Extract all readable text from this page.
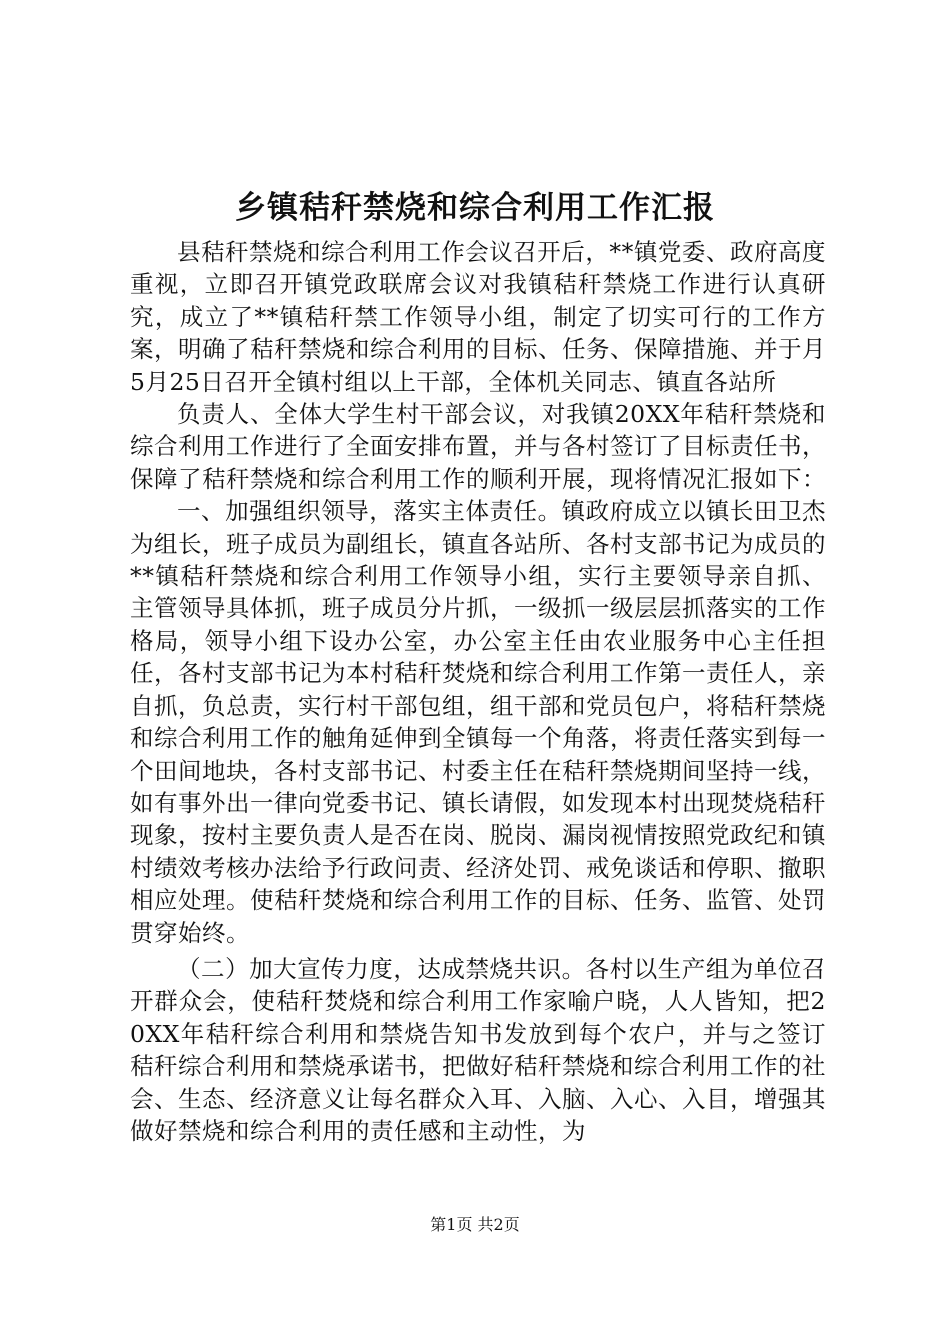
乡镇秸秆禁烧和综合利用工作汇报

县秸秆禁烧和综合利用工作会议召开后，**镇党委、政府高度重视，立即召开镇党政联席会议对我镇秸秆禁烧工作进行认真研究，成立了**镇秸秆禁工作领导小组，制定了切实可行的工作方案，明确了秸秆禁烧和综合利用的目标、任务、保障措施、并于月5月25日召开全镇村组以上干部，全体机关同志、镇直各站所

负责人、全体大学生村干部会议，对我镇20XX年秸秆禁烧和综合利用工作进行了全面安排布置，并与各村签订了目标责任书，保障了秸秆禁烧和综合利用工作的顺利开展，现将情况汇报如下：

一、加强组织领导，落实主体责任。镇政府成立以镇长田卫杰为组长，班子成员为副组长，镇直各站所、各村支部书记为成员的**镇秸秆禁烧和综合利用工作领导小组，实行主要领导亲自抓、主管领导具体抓，班子成员分片抓，一级抓一级层层抓落实的工作格局，领导小组下设办公室，办公室主任由农业服务中心主任担任，各村支部书记为本村秸秆焚烧和综合利用工作第一责任人，亲自抓，负总责，实行村干部包组，组干部和党员包户，将秸秆禁烧和综合利用工作的触角延伸到全镇每一个角落，将责任落实到每一个田间地块，各村支部书记、村委主任在秸秆禁烧期间坚持一线，如有事外出一律向党委书记、镇长请假，如发现本村出现焚烧秸秆现象，按村主要负责人是否在岗、脱岗、漏岗视情按照党政纪和镇村绩效考核办法给予行政问责、经济处罚、戒免谈话和停职、撤职相应处理。使秸秆焚烧和综合利用工作的目标、任务、监管、处罚贯穿始终。

（二）加大宣传力度，达成禁烧共识。各村以生产组为单位召开群众会，使秸秆焚烧和综合利用工作家喻户晓，人人皆知，把20XX年秸秆综合利用和禁烧告知书发放到每个农户，并与之签订秸秆综合利用和禁烧承诺书，把做好秸秆禁烧和综合利用工作的社会、生态、经济意义让每名群众入耳、入脑、入心、入目，增强其做好禁烧和综合利用的责任感和主动性，为

第1页 共2页
